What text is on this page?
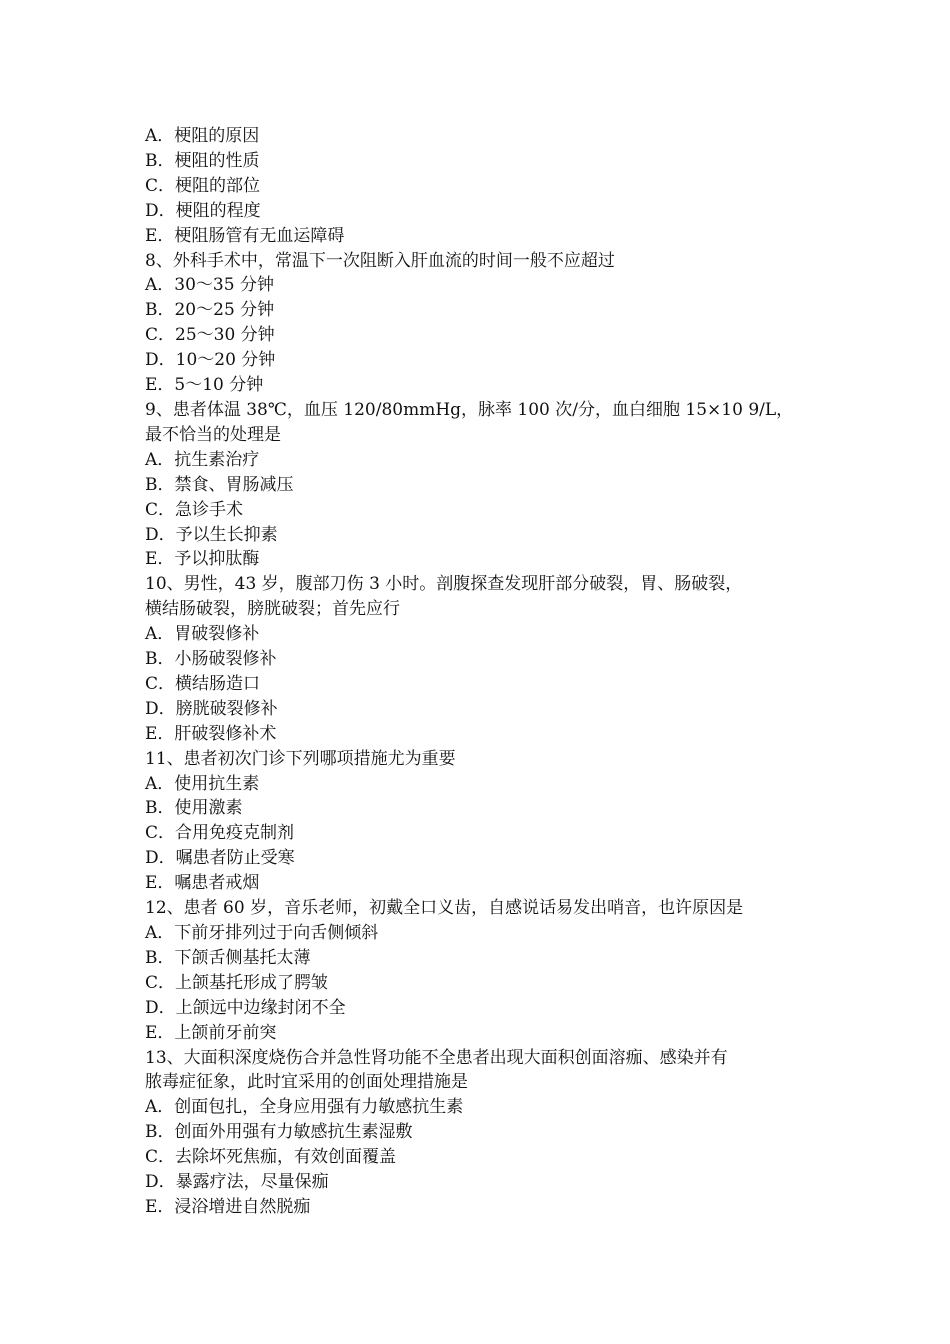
A．梗阻的原因

B．梗阻的性质

C．梗阻的部位

D．梗阻的程度

E．梗阻肠管有无血运障碍

8、外科手术中，常温下一次阻断入肝血流的时间一般不应超过

A．30～35 分钟

B．20～25 分钟

C．25～30 分钟

D．10～20 分钟

E．5～10 分钟

9、患者体温 38℃，血压 120/80mmHg，脉率 100 次/分，血白细胞 15×10 9/L，

最不恰当的处理是

A．抗生素治疗

B．禁食、胃肠减压

C．急诊手术

D．予以生长抑素

E．予以抑肽酶

10、男性，43 岁，腹部刀伤 3 小时。剖腹探查发现肝部分破裂，胃、肠破裂，

横结肠破裂，膀胱破裂；首先应行

A．胃破裂修补

B．小肠破裂修补

C．横结肠造口

D．膀胱破裂修补

E．肝破裂修补术

11、患者初次门诊下列哪项措施尤为重要

A．使用抗生素

B．使用激素

C．合用免疫克制剂

D．嘱患者防止受寒

E．嘱患者戒烟

12、患者 60 岁，音乐老师，初戴全口义齿，自感说话易发出哨音，也许原因是

A．下前牙排列过于向舌侧倾斜

B．下颌舌侧基托太薄

C．上颌基托形成了腭皱

D．上颌远中边缘封闭不全

E．上颌前牙前突

13、大面积深度烧伤合并急性肾功能不全患者出现大面积创面溶痂、感染并有

脓毒症征象，此时宜采用的创面处理措施是

A．创面包扎，全身应用强有力敏感抗生素

B．创面外用强有力敏感抗生素湿敷

C．去除坏死焦痂，有效创面覆盖

D．暴露疗法，尽量保痂

E．浸浴增进自然脱痂
